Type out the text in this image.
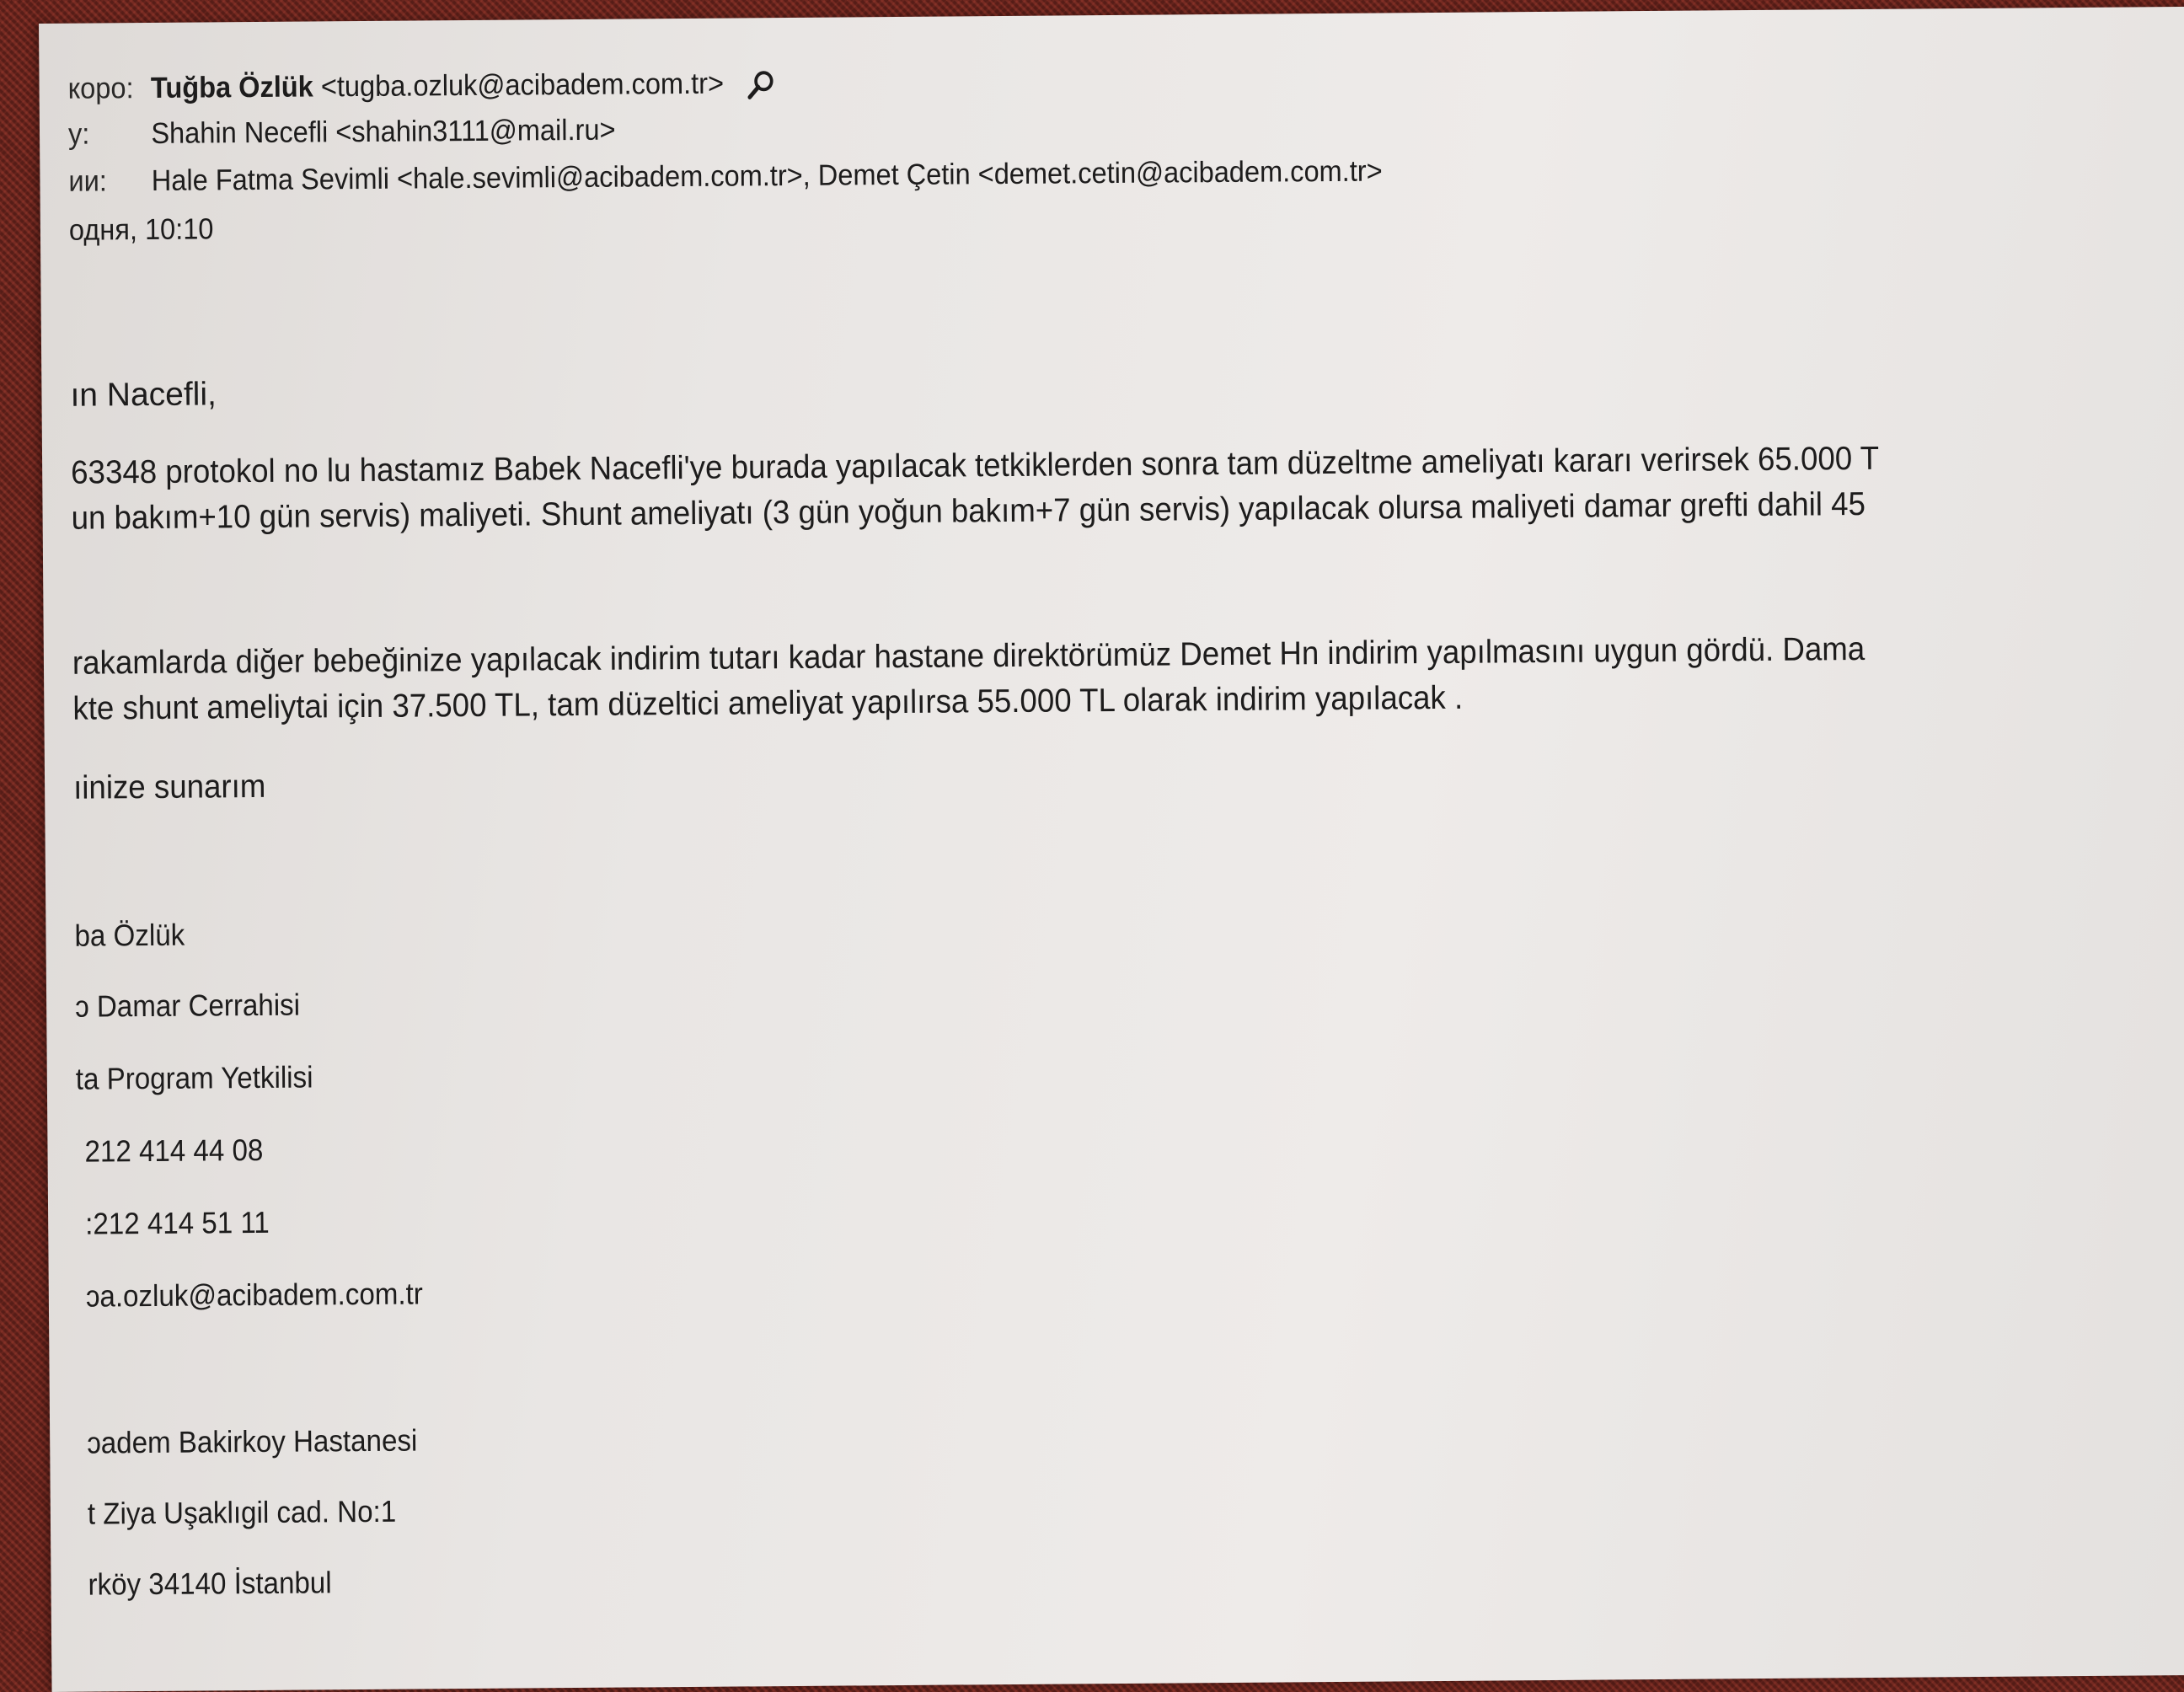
коро: Tuğba Özlük <tugba.ozluk@acibadem.com.tr>
у: Shahin Necefli <shahin3111@mail.ru>
ии: Hale Fatma Sevimli <hale.sevimli@acibadem.com.tr>, Demet Çetin <demet.cetin@acibadem.com.tr>
одня, 10:10
ın Nacefli,
63348 protokol no lu hastamız Babek Nacefli'ye burada yapılacak tetkiklerden sonra tam düzeltme ameliyatı kararı verirsek 65.000 T
un bakım+10 gün servis) maliyeti. Shunt ameliyatı (3 gün yoğun bakım+7 gün servis) yapılacak olursa maliyeti damar grefti dahil 45
rakamlarda diğer bebeğinize yapılacak indirim tutarı kadar hastane direktörümüz Demet Hn indirim yapılmasını uygun gördü. Dama
kte shunt ameliytai için 37.500 TL, tam düzeltici ameliyat yapılırsa 55.000 TL olarak indirim yapılacak .
ıinize sunarım
ba Özlük
ɔ Damar Cerrahisi
ta Program Yetkilisi
212 414 44 08
:212 414 51 11
ɔa.ozluk@acibadem.com.tr
ɔadem Bakirkoy Hastanesi
t Ziya Uşaklıgil cad. No:1
rköy 34140 İstanbul
